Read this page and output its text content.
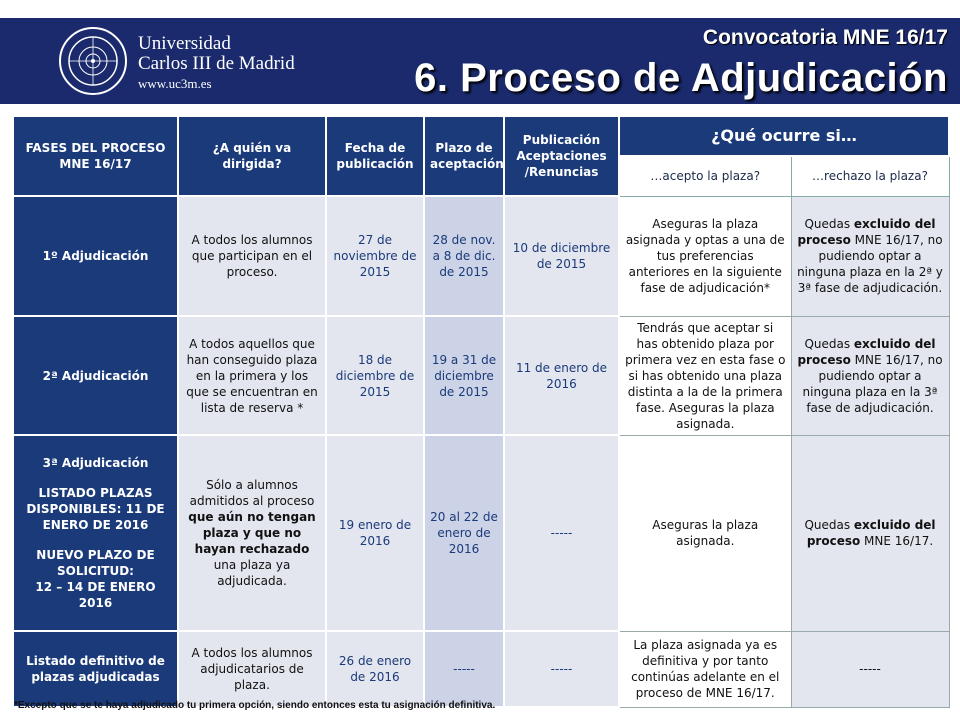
Universidad
Carlos III de Madrid
www.uc3m.es
Convocatoria MNE 16/17
6. Proceso de Adjudicación
FASES DEL PROCESO MNE 16/17	¿A quién va dirigida?	Fecha de publicación	Plazo de aceptación	Publicación Aceptaciones /Renuncias	¿Qué ocurre si…	
					…acepto la plaza?	…rechazo la plaza?
1º Adjudicación	A todos los alumnos que participan en el proceso.	27 de noviembre de 2015	28 de nov. a 8 de dic. de 2015	10 de diciembre de 2015	Aseguras la plaza asignada y optas a una de tus preferencias anteriores en la siguiente fase de adjudicación*	Quedas excluido del proceso MNE 16/17, no pudiendo optar a ninguna plaza en la 2ª y 3ª fase de adjudicación.
2ª Adjudicación	A todos aquellos que han conseguido plaza en la primera y los que se encuentran en lista de reserva *	18 de diciembre de 2015	19 a 31 de diciembre de 2015	11 de enero de 2016	Tendrás que aceptar si has obtenido plaza por primera vez en esta fase o si has obtenido una plaza distinta a la de la primera fase. Aseguras la plaza asignada.	Quedas excluido del proceso MNE 16/17, no pudiendo optar a ninguna plaza en la 3ª fase de adjudicación.

3ª Adjudicación
LISTADO PLAZAS DISPONIBLES: 11 DE ENERO DE 2016
NUEVO PLAZO DE SOLICITUD:
12 – 14 DE ENERO 2016	Sólo a alumnos admitidos al proceso que aún no tengan plaza y que no hayan rechazado una plaza ya adjudicada.	19 enero de 2016	20 al 22 de enero de 2016	-----	Aseguras la plaza asignada.	Quedas excluido del proceso MNE 16/17.
Listado definitivo de plazas adjudicadas	A todos los alumnos adjudicatarios de plaza.	26 de enero de 2016	-----	-----	La plaza asignada ya es definitiva y por tanto continúas adelante en el proceso de MNE 16/17.	-----
*Excepto que se te haya adjudicado tu primera opción, siendo entonces esta tu asignación definitiva.
